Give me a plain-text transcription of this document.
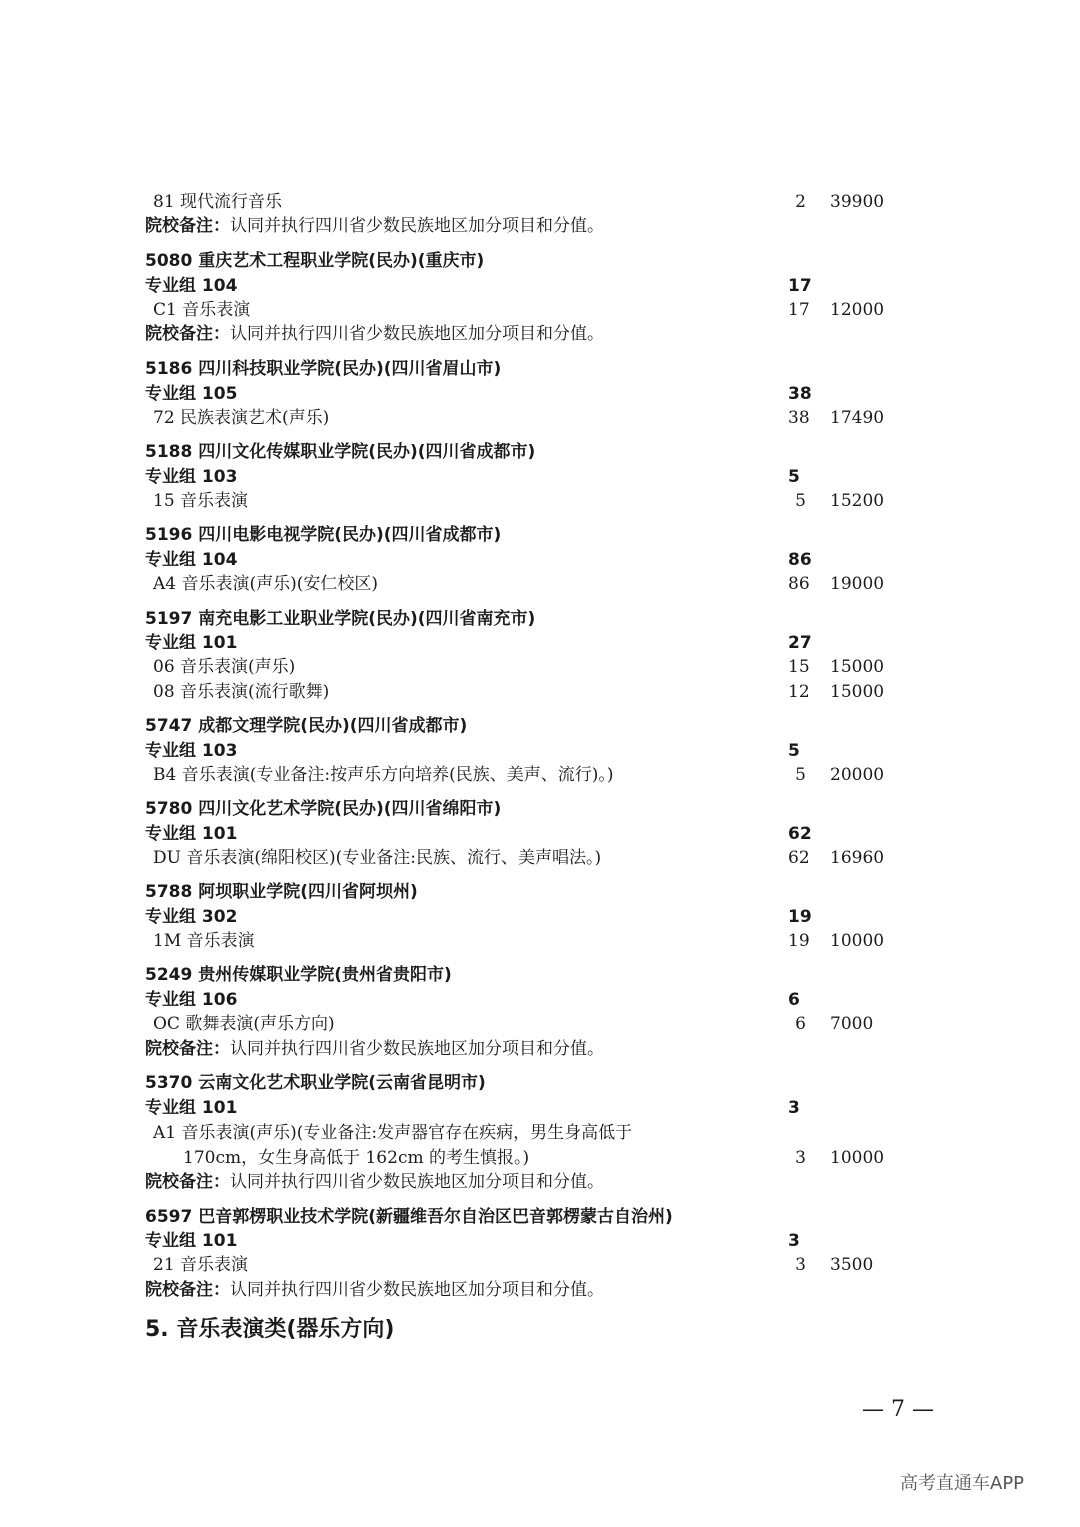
81 现代流行音乐	2 39900
院校备注：认同并执行四川省少数民族地区加分项目和分值。
5080 重庆艺术工程职业学院(民办)(重庆市)
专业组 104	17
C1 音乐表演	17 12000
院校备注：认同并执行四川省少数民族地区加分项目和分值。
5186 四川科技职业学院(民办)(四川省眉山市)
专业组 105	38
72 民族表演艺术(声乐)	38 17490
5188 四川文化传媒职业学院(民办)(四川省成都市)
专业组 103	5
15 音乐表演	5 15200
5196 四川电影电视学院(民办)(四川省成都市)
专业组 104	86
A4 音乐表演(声乐)(安仁校区)	86 19000
5197 南充电影工业职业学院(民办)(四川省南充市)
专业组 101	27
06 音乐表演(声乐)	15 15000
08 音乐表演(流行歌舞)	12 15000
5747 成都文理学院(民办)(四川省成都市)
专业组 103	5
B4 音乐表演(专业备注:按声乐方向培养(民族、美声、流行)。)	5 20000
5780 四川文化艺术学院(民办)(四川省绵阳市)
专业组 101	62
DU 音乐表演(绵阳校区)(专业备注:民族、流行、美声唱法。)	62 16960
5788 阿坝职业学院(四川省阿坝州)
专业组 302	19
1M 音乐表演	19 10000
5249 贵州传媒职业学院(贵州省贵阳市)
专业组 106	6
OC 歌舞表演(声乐方向)	6 7000
院校备注：认同并执行四川省少数民族地区加分项目和分值。
5370 云南文化艺术职业学院(云南省昆明市)
专业组 101	3
A1 音乐表演(声乐)(专业备注:发声器官存在疾病，男生身高低于
170cm，女生身高低于 162cm 的考生慎报。)	3 10000
院校备注：认同并执行四川省少数民族地区加分项目和分值。
6597 巴音郭楞职业技术学院(新疆维吾尔自治区巴音郭楞蒙古自治州)
专业组 101	3
21 音乐表演	3 3500
院校备注：认同并执行四川省少数民族地区加分项目和分值。
5. 音乐表演类(器乐方向)
— 7 —
高考直通车APP
